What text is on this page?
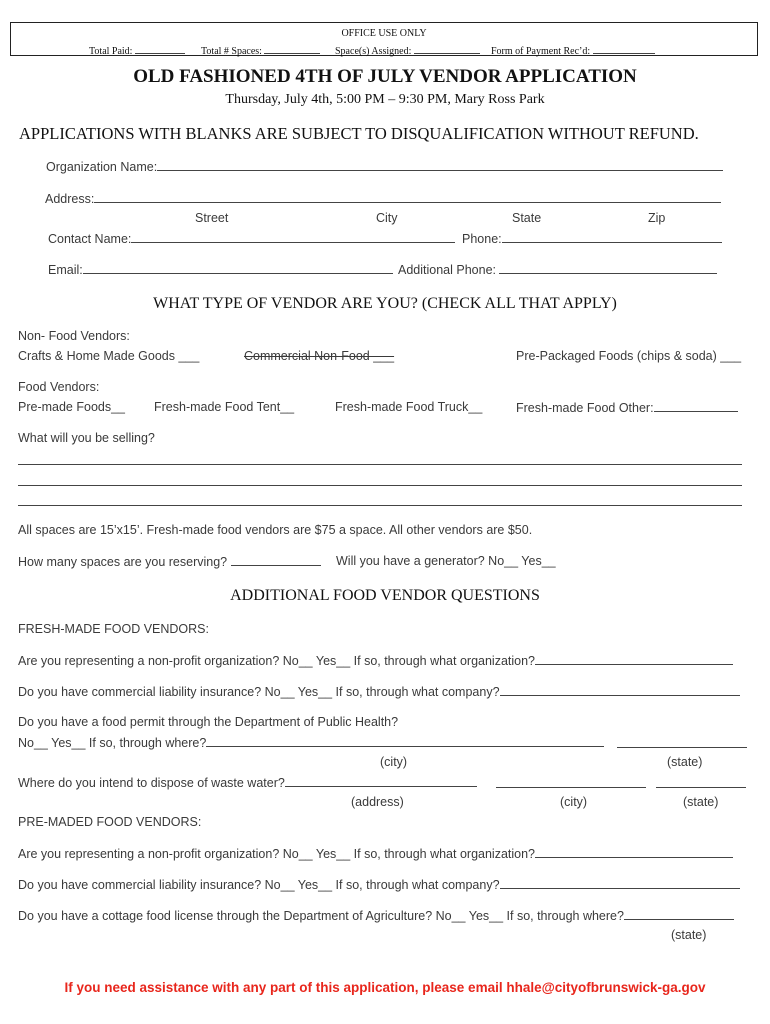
OFFICE USE ONLY
Total Paid:	Total # Spaces:	Space(s) Assigned:	Form of Payment Rec’d:
OLD FASHIONED 4TH OF JULY VENDOR APPLICATION
Thursday, July 4th, 5:00 PM – 9:30 PM, Mary Ross Park
APPLICATIONS WITH BLANKS ARE SUBJECT TO DISQUALIFICATION WITHOUT REFUND.
Organization Name:
Address:
Street	City	State	Zip
Contact Name:	Phone:
Email:	Additional Phone:
WHAT TYPE OF VENDOR ARE YOU? (CHECK ALL THAT APPLY)
Non- Food Vendors:
Crafts & Home Made Goods ___	Commercial Non-Food ___	Pre-Packaged Foods (chips & soda) ___
Food Vendors:
Pre-made Foods__ Fresh-made Food Tent__	Fresh-made Food Truck__	Fresh-made Food Other:
What will you be selling?
All spaces are 15’x15’. Fresh-made food vendors are $75 a space. All other vendors are $50.
How many spaces are you reserving?	Will you have a generator? No__ Yes__
ADDITIONAL FOOD VENDOR QUESTIONS
FRESH-MADE FOOD VENDORS:
Are you representing a non-profit organization? No__ Yes__ If so, through what organization?
Do you have commercial liability insurance? No__ Yes__ If so, through what company?
Do you have a food permit through the Department of Public Health?
No__ Yes__ If so, through where?
(city)	(state)
Where do you intend to dispose of waste water?
(address)	(city)	(state)
PRE-MADED FOOD VENDORS:
Are you representing a non-profit organization? No__ Yes__ If so, through what organization?
Do you have commercial liability insurance? No__ Yes__ If so, through what company?
Do you have a cottage food license through the Department of Agriculture? No__ Yes__ If so, through where?
(state)
If you need assistance with any part of this application, please email hhale@cityofbrunswick-ga.gov
